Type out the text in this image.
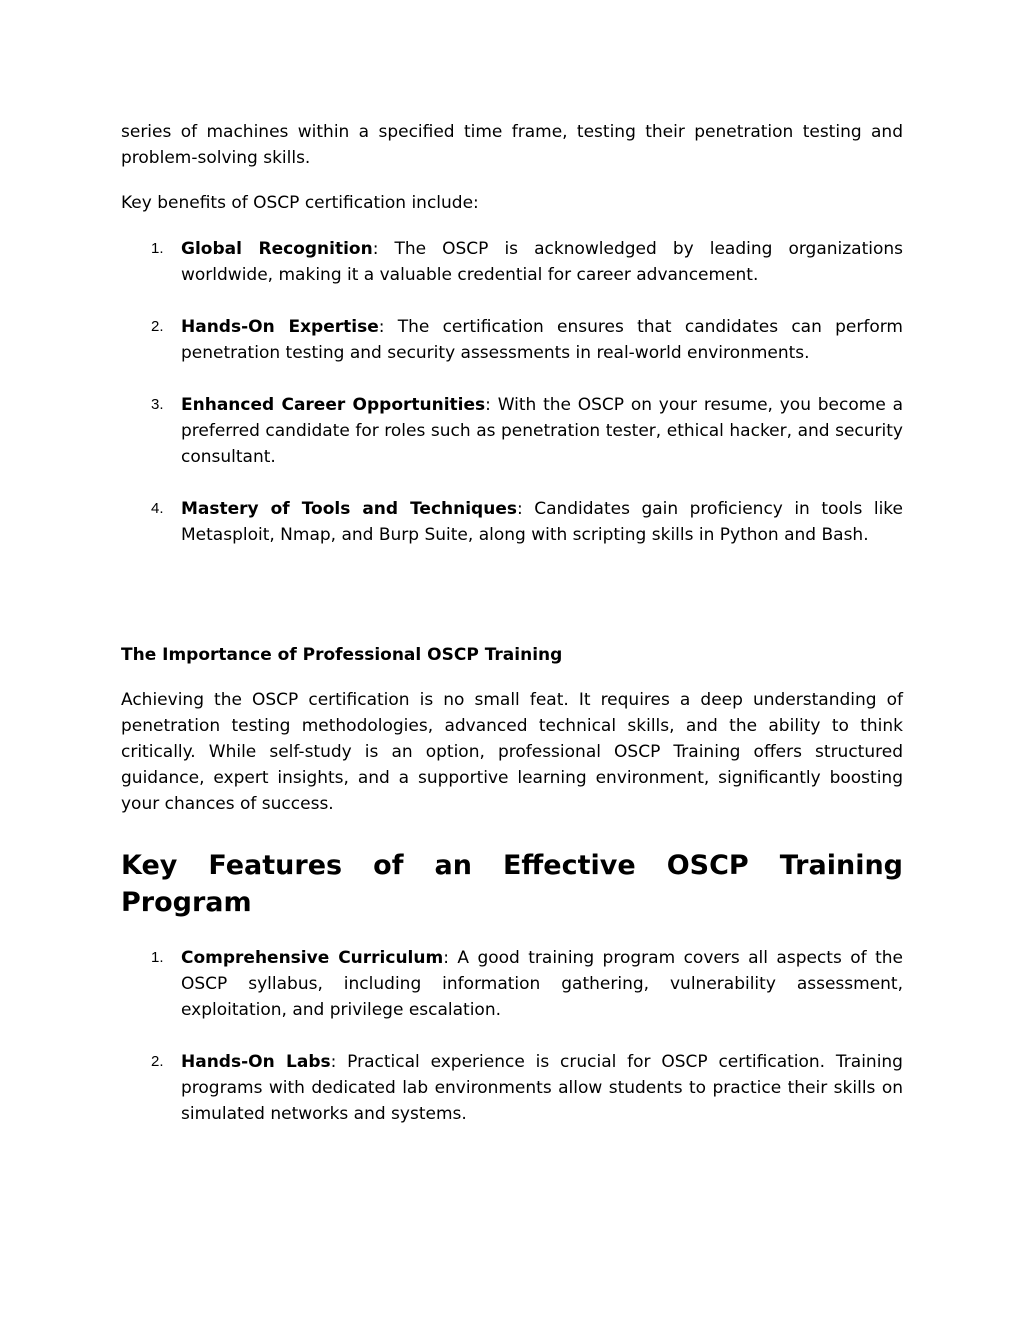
series of machines within a specified time frame, testing their penetration testing and problem-solving skills.

Key benefits of OSCP certification include:

1. Global Recognition: The OSCP is acknowledged by leading organizations worldwide, making it a valuable credential for career advancement.
2. Hands-On Expertise: The certification ensures that candidates can perform penetration testing and security assessments in real-world environments.
3. Enhanced Career Opportunities: With the OSCP on your resume, you become a preferred candidate for roles such as penetration tester, ethical hacker, and security consultant.
4. Mastery of Tools and Techniques: Candidates gain proficiency in tools like Metasploit, Nmap, and Burp Suite, along with scripting skills in Python and Bash.
The Importance of Professional OSCP Training

Achieving the OSCP certification is no small feat. It requires a deep understanding of penetration testing methodologies, advanced technical skills, and the ability to think critically. While self-study is an option, professional OSCP Training offers structured guidance, expert insights, and a supportive learning environment, significantly boosting your chances of success.

Key Features of an Effective OSCP Training Program
1. Comprehensive Curriculum: A good training program covers all aspects of the OSCP syllabus, including information gathering, vulnerability assessment, exploitation, and privilege escalation.
2. Hands-On Labs: Practical experience is crucial for OSCP certification. Training programs with dedicated lab environments allow students to practice their skills on simulated networks and systems.
